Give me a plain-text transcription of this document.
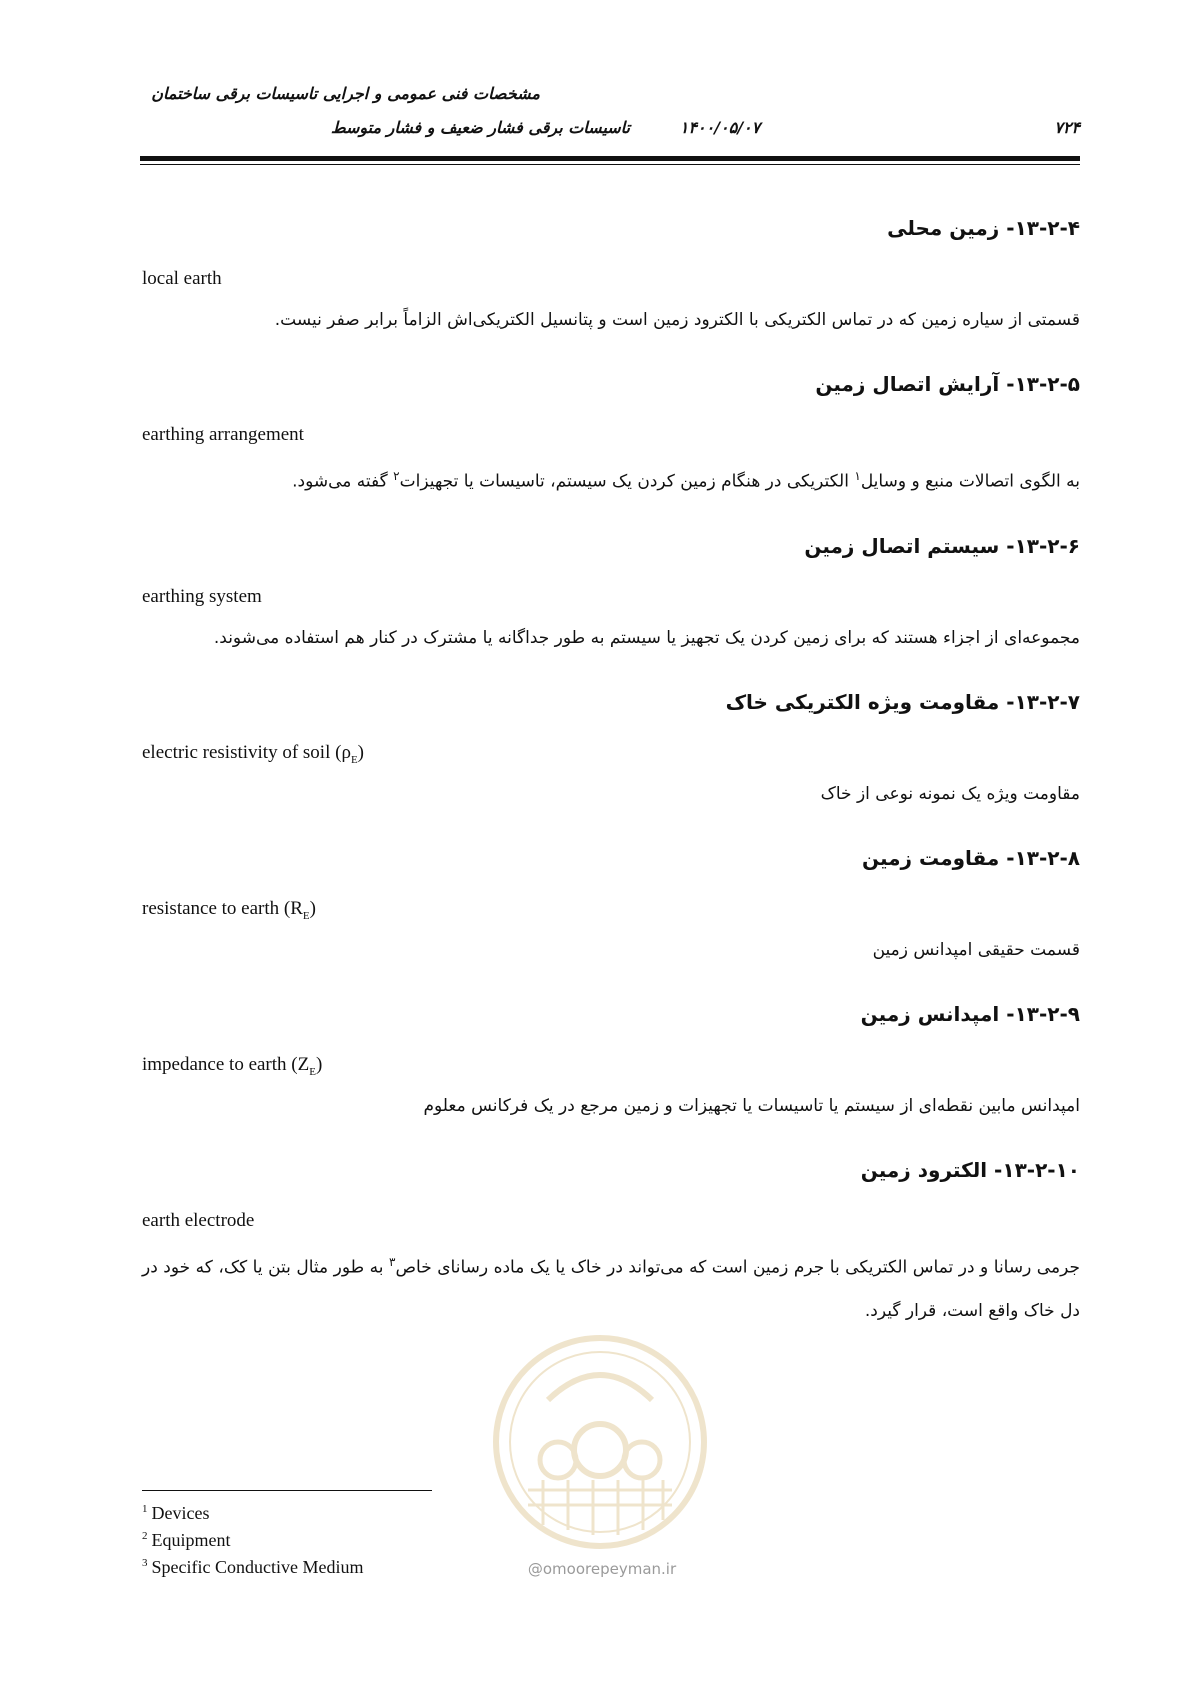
مشخصات فنی عمومی و اجرایی تاسیسات برقی ساختمان
تاسیسات برقی فشار ضعیف و فشار متوسط	۱۴۰۰/۰۵/۰۷	۷۲۴
۱۳-۲-۴- زمین محلی
local earth
قسمتی از سیاره زمین که در تماس الکتریکی با الکترود زمین است و پتانسیل الکتریکی‌اش الزاماً برابر صفر نیست.
۱۳-۲-۵- آرایش اتصال زمین
earthing arrangement
به الگوی اتصالات منبع و وسایل$^۱$ الکتریکی در هنگام زمین کردن یک سیستم، تاسیسات یا تجهیزات$^۲$ گفته می‌شود.
۱۳-۲-۶- سیستم اتصال زمین
earthing system
مجموعه‌ای از اجزاء هستند که برای زمین کردن یک تجهیز یا سیستم به طور جداگانه یا مشترک در کنار هم استفاده می‌شوند.
۱۳-۲-۷- مقاومت ویژه الکتریکی خاک
electric resistivity of soil $(\rho_E)$
مقاومت ویژه یک نمونه نوعی از خاک
۱۳-۲-۸- مقاومت زمین
resistance to earth $(R_E)$
قسمت حقیقی امپدانس زمین
۱۳-۲-۹- امپدانس زمین
impedance to earth $(Z_E)$
امپدانس مابین نقطه‌ای از سیستم یا تاسیسات یا تجهیزات و زمین مرجع در یک فرکانس معلوم
۱۳-۲-۱۰- الکترود زمین
earth electrode
جرمی رسانا و در تماس الکتریکی با جرم زمین است که می‌تواند در خاک یا یک ماده رسانای خاص$^۳$ به طور مثال بتن یا کک، که خود در دل خاک واقع است، قرار گیرد.
@omoorepeyman.ir
$^1$ Devices
$^2$ Equipment
$^3$ Specific Conductive Medium
